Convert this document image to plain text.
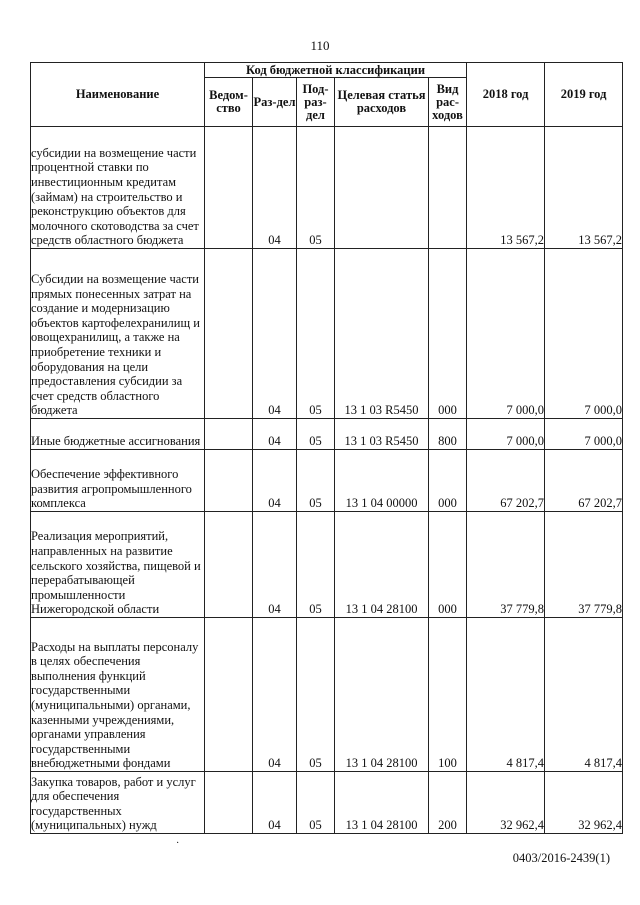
110
Наименование	Код бюджетной классификации					2018 год	2019 год
	Ведом-ство	Раз-дел	Под-раз-дел	Целевая статья расходов	Вид рас-ходов		
субсидии на возмещение части процентной ставки по инвестиционным кредитам (займам) на строительство и реконструкцию объектов для молочного скотоводства за счет средств областного бюджета		04	05			13 567,2	13 567,2
Субсидии на возмещение части прямых понесенных затрат на создание и модернизацию объектов картофелехранилищ и овощехранилищ, а также на приобретение техники и оборудования на цели предоставления субсидии за счет средств областного бюджета		04	05	13 1 03 R5450	000	7 000,0	7 000,0
Иные бюджетные ассигнования		04	05	13 1 03 R5450	800	7 000,0	7 000,0
Обеспечение эффективного развития агропромышленного комплекса		04	05	13 1 04 00000	000	67 202,7	67 202,7
Реализация мероприятий, направленных на развитие сельского хозяйства, пищевой и перерабатывающей промышленности Нижегородской области		04	05	13 1 04 28100	000	37 779,8	37 779,8
Расходы на выплаты персоналу в целях обеспечения выполнения функций государственными (муниципальными) органами, казенными учреждениями, органами управления государственными внебюджетными фондами		04	05	13 1 04 28100	100	4 817,4	4 817,4
Закупка товаров, работ и услуг для обеспечения государственных (муниципальных) нужд		04	05	13 1 04 28100	200	32 962,4	32 962,4
·
0403/2016-2439(1)
